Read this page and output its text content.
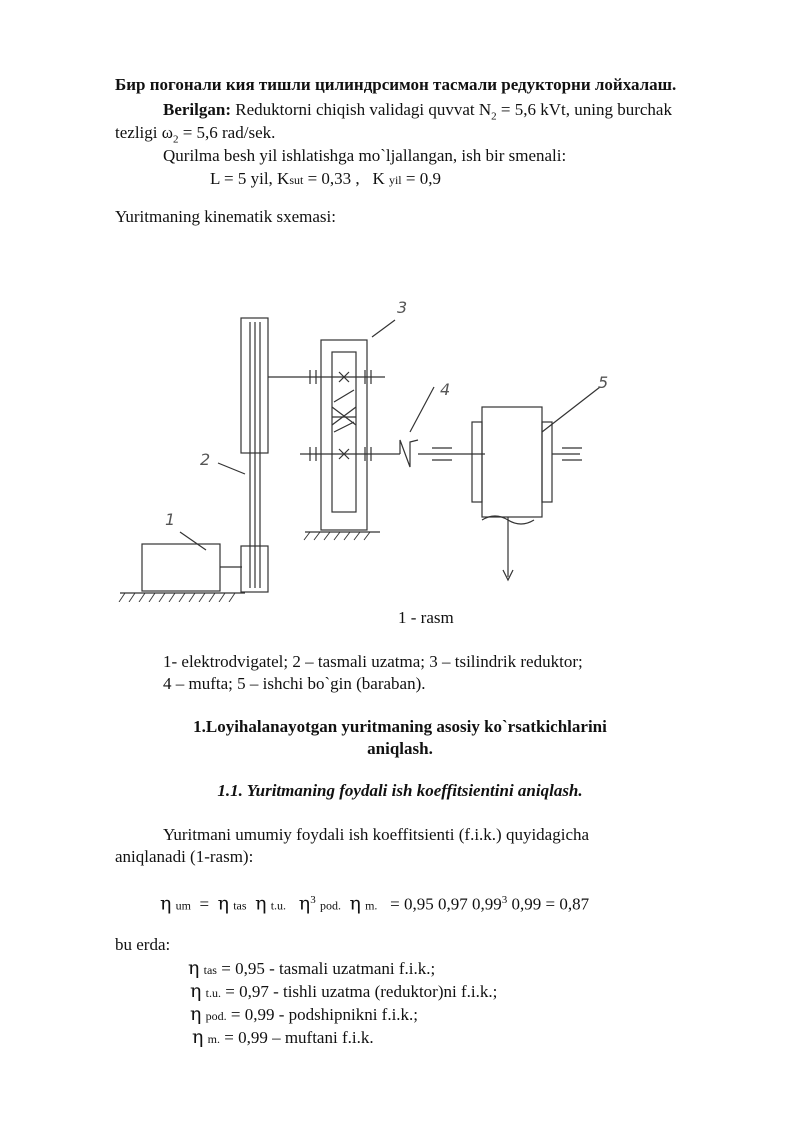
Бир погонали кия тишли цилиндрсимон тасмали редукторни лойхалаш.
Berilgan: Reduktorni chiqish validagi quvvat $N_2 = 5,6$ kVt, uning burchak
tezligi $\omega_2 = 5,6$ rad/sek.
Qurilma besh yil ishlatishga mo`ljallangan, ish bir smenali:
L = 5 yil, Ksut = 0,33 , K yil = 0,9
Yuritmaning kinematik sxemasi:
1
2
3
4	5
1 - rasm
1- elektrodvigatel; 2 – tasmali uzatma; 3 – tsilindrik reduktor;
4 – mufta; 5 – ishchi bo`gin (baraban).
1.Loyihalanayotgan yuritmaning asosiy ko`rsatkichlarini
aniqlash.
1.1. Yuritmaning foydali ish koeffitsientini aniqlash.
Yuritmani umumiy foydali ish koeffitsienti (f.i.k.) quyidagicha
aniqlanadi (1-rasm):
η um = η tas η t.u. $\eta^3$ pod. η m. = 0,95 0,97 0,99$^3$ 0,99 = 0,87
bu erda:
η tas = 0,95 - tasmali uzatmani f.i.k.;
η t.u. = 0,97 - tishli uzatma (reduktor)ni f.i.k.;
η pod. = 0,99 - podshipnikni f.i.k.;
η m. = 0,99 – muftani f.i.k.
